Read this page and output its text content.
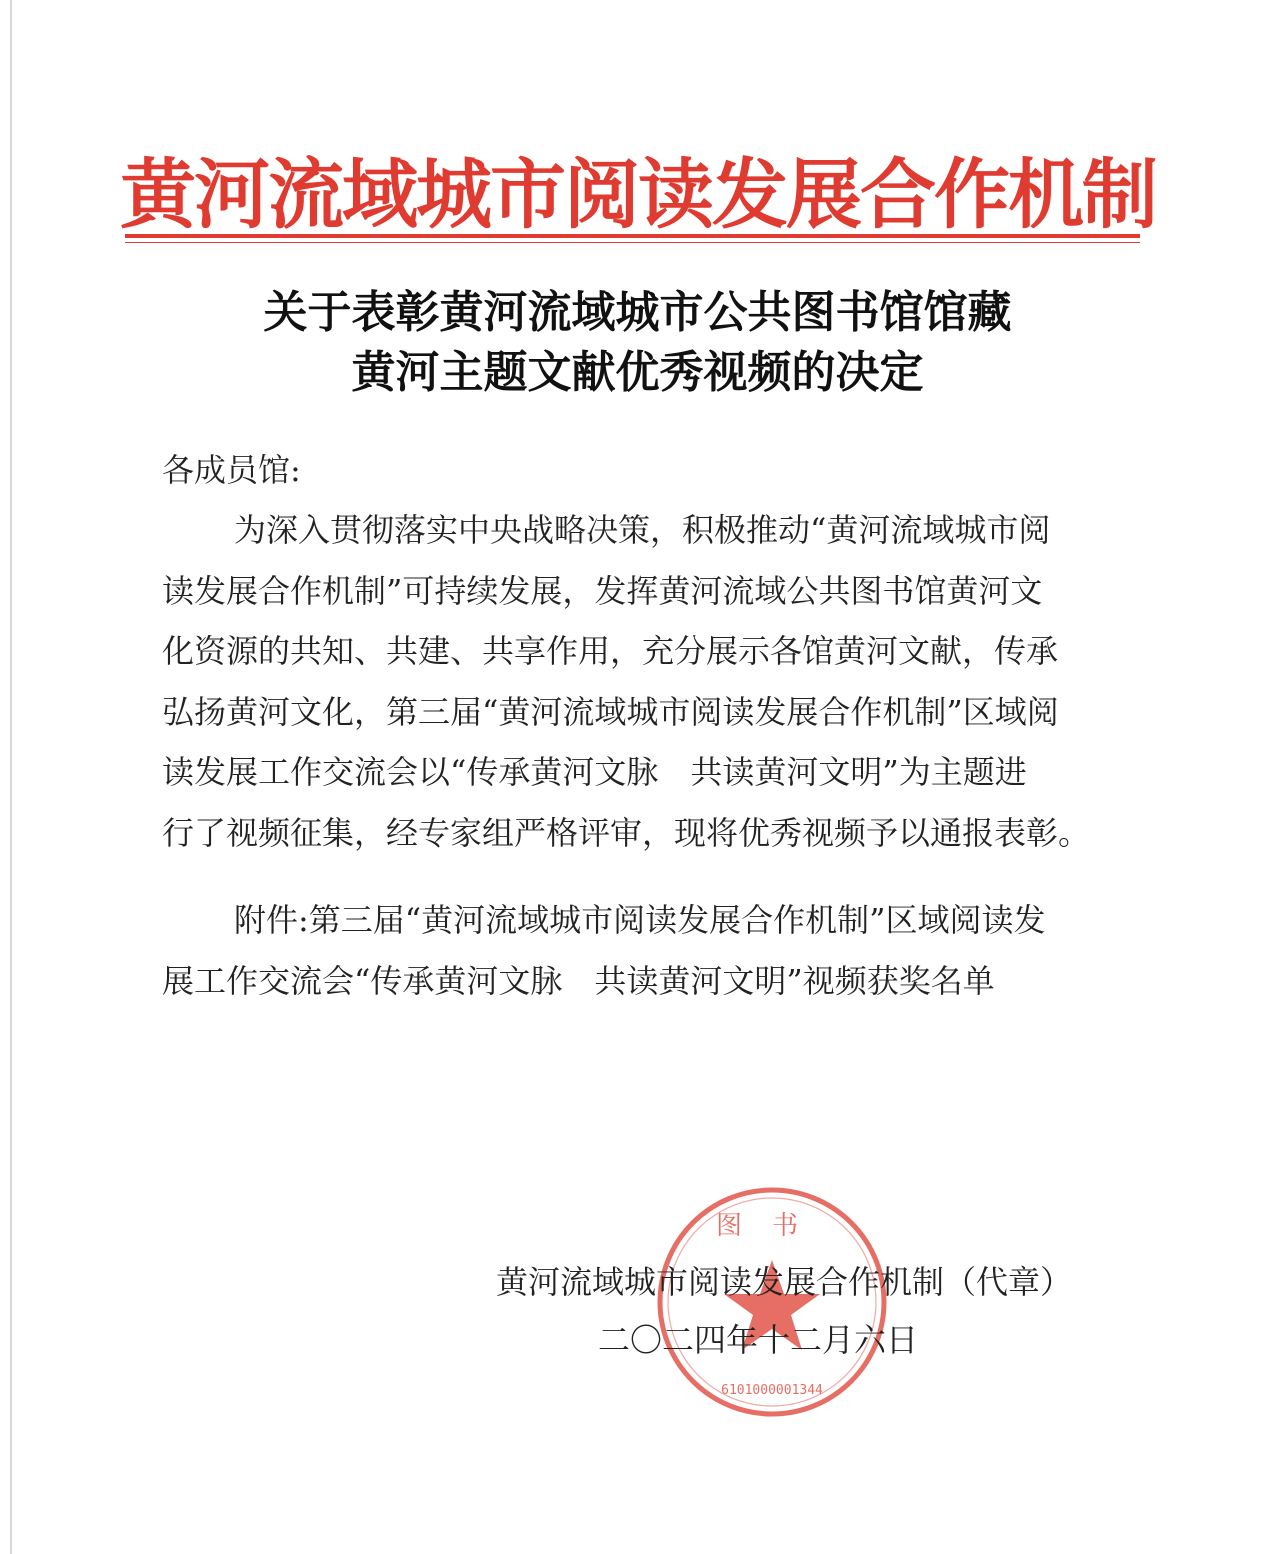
黄河流域城市阅读发展合作机制
关于表彰黄河流域城市公共图书馆馆藏
黄河主题文献优秀视频的决定
各成员馆:
为深入贯彻落实中央战略决策，积极推动“黄河流域城市阅
读发展合作机制”可持续发展，发挥黄河流域公共图书馆黄河文
化资源的共知、共建、共享作用，充分展示各馆黄河文献，传承
弘扬黄河文化，第三届“黄河流域城市阅读发展合作机制”区域阅
读发展工作交流会以“传承黄河文脉　共读黄河文明”为主题进
行了视频征集，经专家组严格评审，现将优秀视频予以通报表彰。
附件:第三届“黄河流域城市阅读发展合作机制”区域阅读发
展工作交流会“传承黄河文脉　共读黄河文明”视频获奖名单
图书
6101000001344
黄河流域城市阅读发展合作机制（代章）
二〇二四年十二月六日
